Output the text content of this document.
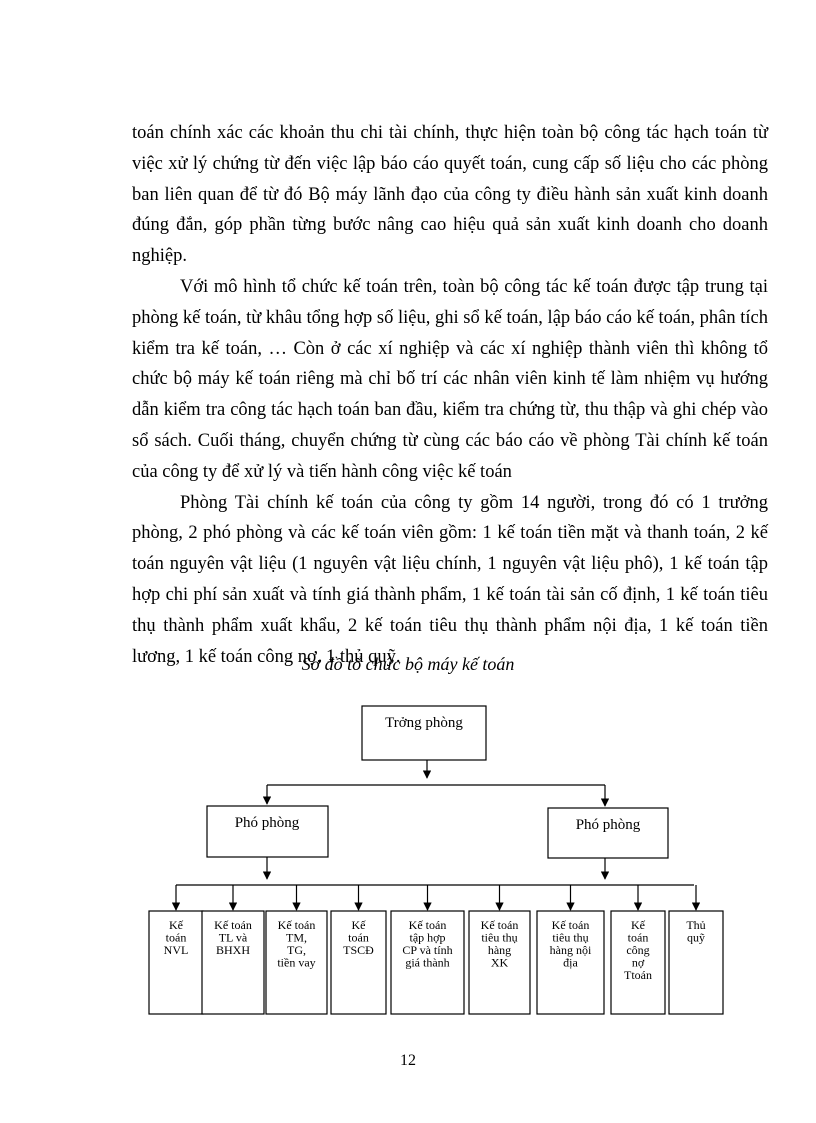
toán chính xác các khoản thu chi tài chính, thực hiện toàn bộ công tác hạch toán từ việc xử lý chứng từ đến việc lập báo cáo quyết toán, cung cấp số liệu cho các phòng ban liên quan để từ đó Bộ máy lãnh đạo của công ty điều hành sản xuất kinh doanh đúng đắn, góp phần từng bước nâng cao hiệu quả sản xuất kinh doanh cho doanh nghiệp.

Với mô hình tổ chức kế toán trên, toàn bộ công tác kế toán được tập trung tại phòng kế toán, từ khâu tổng hợp số liệu, ghi sổ kế toán, lập báo cáo kế toán, phân tích kiểm tra kế toán, … Còn ở các xí nghiệp và các xí nghiệp thành viên thì không tổ chức bộ máy kế toán riêng mà chỉ bố trí các nhân viên kinh tế làm nhiệm vụ hướng dẫn kiểm tra công tác hạch toán ban đầu, kiểm tra chứng từ, thu thập và ghi chép vào sổ sách. Cuối tháng, chuyển chứng từ cùng các báo cáo về phòng Tài chính kế toán của công ty để xử lý và tiến hành công việc kế toán

Phòng Tài chính kế toán của công ty gồm 14 người, trong đó có 1 trưởng phòng, 2 phó phòng và các kế toán viên gồm: 1 kế toán tiền mặt và thanh toán, 2 kế toán nguyên vật liệu (1 nguyên vật liệu chính, 1 nguyên vật liệu phô), 1 kế toán tập hợp chi phí sản xuất và tính giá thành phẩm, 1 kế toán tài sản cố định, 1 kế toán tiêu thụ thành phẩm xuất khẩu, 2 kế toán tiêu thụ thành phẩm nội địa, 1 kế toán tiền lương, 1 kế toán công nợ, 1 thủ quỹ.

Sơ đồ tổ chức bộ máy kế toán
Trởng phòng
Phó phòng	Phó phòng
Kế
toán
NVL
Kế toán
TL và
BHXH
Kế toán
TM,
TG,
tiền vay
Kế
toán
TSCĐ
Kế toán
tập hợp
CP và tính
giá thành
Kế toán
tiêu thụ
hàng
XK
Kế toán
tiêu thụ
hàng nội
địa
Kế
toán
công
nợ
Ttoán
Thủ
quỹ
12
